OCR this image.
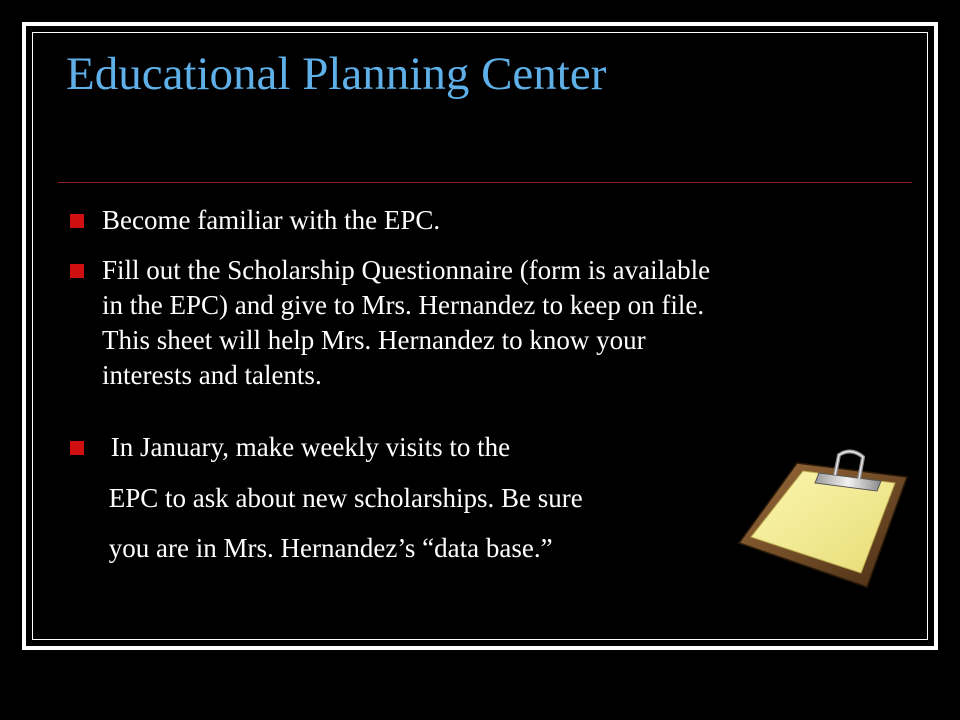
Educational Planning Center
Become familiar with the EPC.
Fill out the Scholarship Questionnaire (form is available
in the EPC) and give to Mrs. Hernandez to keep on file.
This sheet will help Mrs. Hernandez to know your
interests and talents.
In January, make weekly visits to the
EPC to ask about new scholarships. Be sure
you are in Mrs. Hernandez’s “data base.”
